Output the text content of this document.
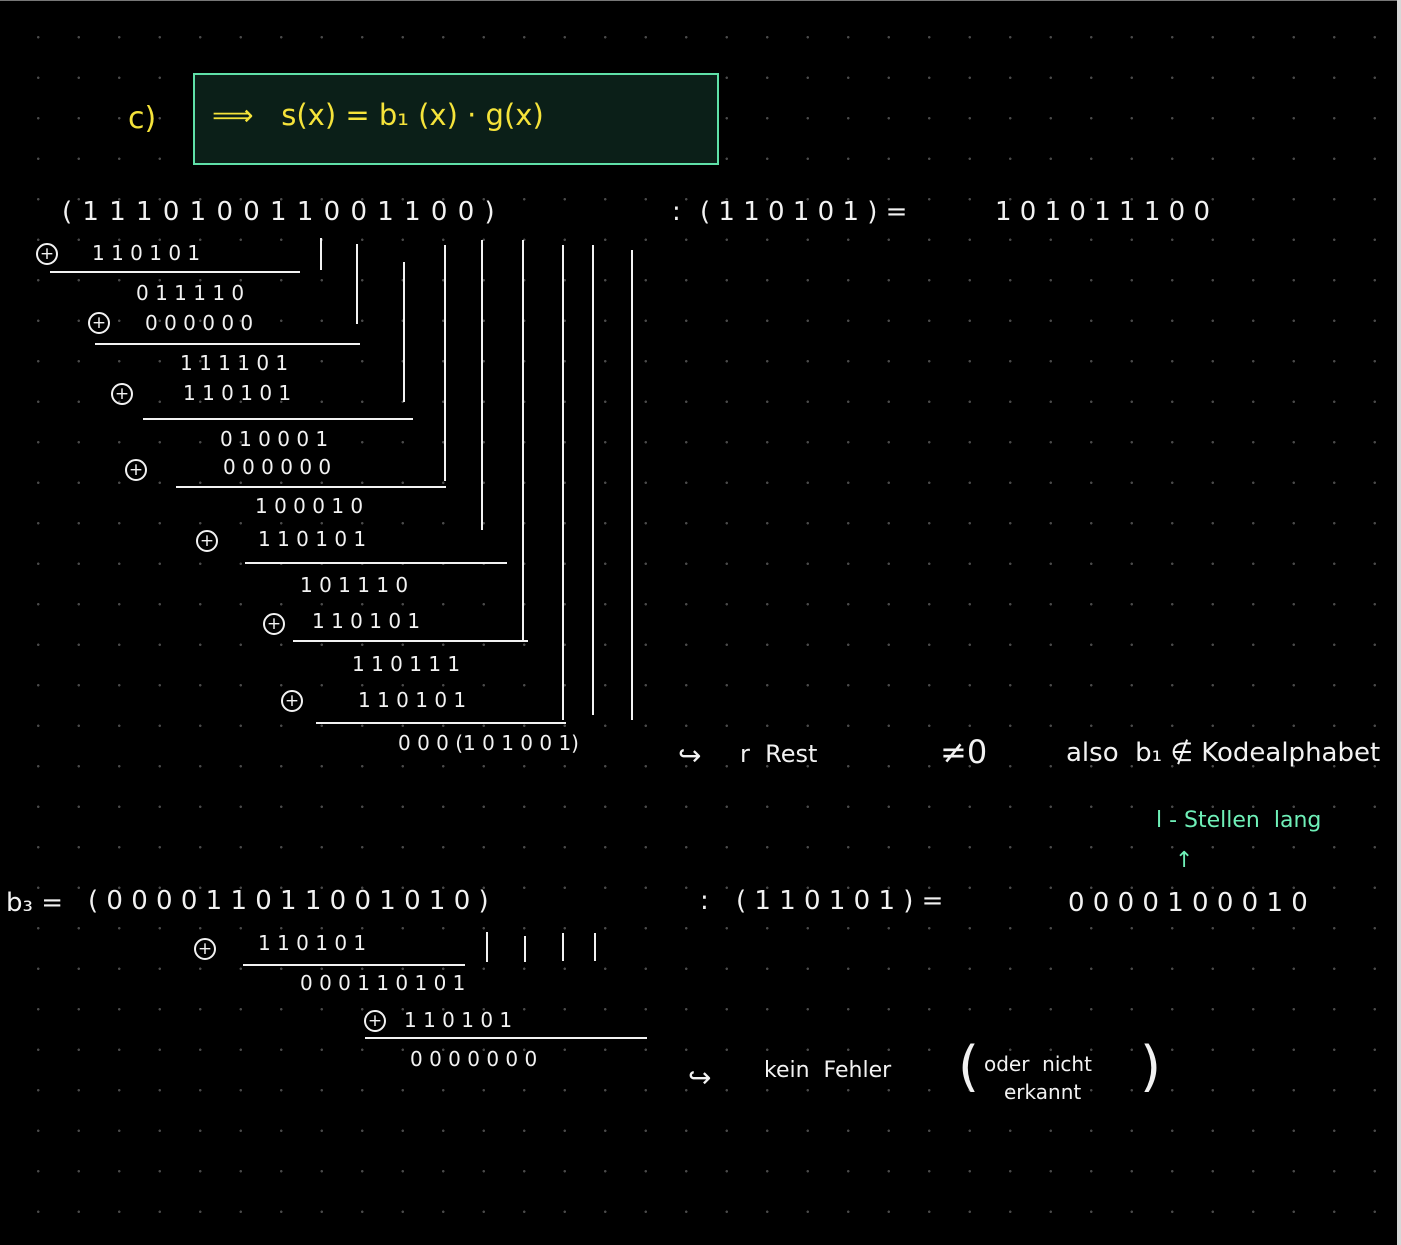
c) ⟹   s(x) = b₁ (x) · g(x)
( 1 1 1 0 1 0 0 1 1 0 0 1 1 0 0 )	: ( 1 1 0 1 0 1 ) =	1 0 1 0 1 1 1 0 0
+ 1 1 0 1 0 1
0 1 1 1 1 0
+ 0 0 0 0 0 0
1 1 1 1 0 1
+	1 1 0 1 0 1
0 1 0 0 0 1
+	0 0 0 0 0 0
1 0 0 0 1 0
+ 1 1 0 1 0 1
1 0 1 1 1 0
+ 1 1 0 1 0 1
1 1 0 1 1 1
+	1 1 0 1 0 1
0 0 0 (1 0 1 0 0 1)	↪ r  Rest	≠0	also  b₁ ∉ Kodealphabet
l - Stellen  lang
↑
b₃ = ( 0 0 0 0 1 1 0 1 1 0 0 1 0 1 0 )	: ( 1 1 0 1 0 1 ) =	0 0 0 0 1 0 0 0 1 0
+ 1 1 0 1 0 1
0 0 0 1 1 0 1 0 1
+ 1 1 0 1 0 1
0 0 0 0 0 0 0
↪ kein  Fehler ( oder  nicht
erkannt )
